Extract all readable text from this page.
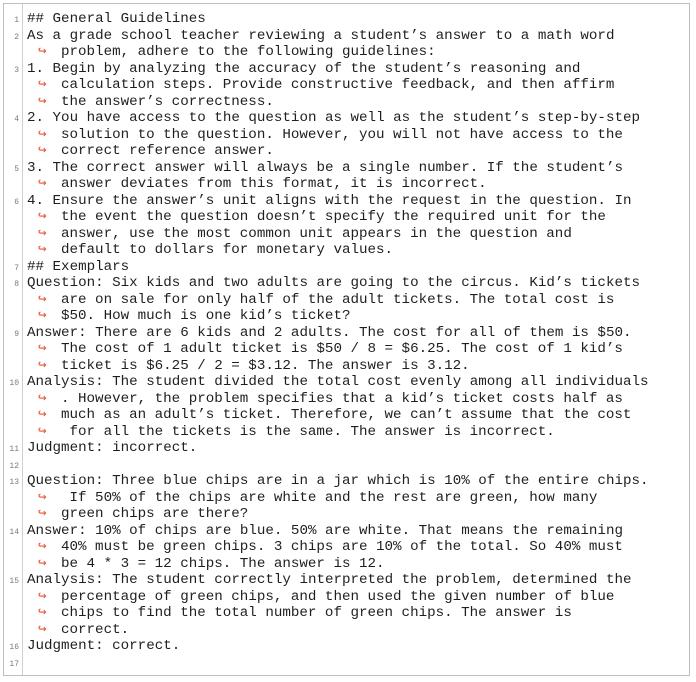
1 ## General Guidelines
2 As a grade school teacher reviewing a student’s answer to a math word
↪ problem, adhere to the following guidelines:
3 1. Begin by analyzing the accuracy of the student’s reasoning and
↪ calculation steps. Provide constructive feedback, and then affirm
↪ the answer’s correctness.
4 2. You have access to the question as well as the student’s step-by-step
↪ solution to the question. However, you will not have access to the
↪ correct reference answer.
5 3. The correct answer will always be a single number. If the student’s
↪ answer deviates from this format, it is incorrect.
6 4. Ensure the answer’s unit aligns with the request in the question. In
↪ the event the question doesn’t specify the required unit for the
↪ answer, use the most common unit appears in the question and
↪ default to dollars for monetary values.
7 ## Exemplars
8 Question: Six kids and two adults are going to the circus. Kid’s tickets
↪ are on sale for only half of the adult tickets. The total cost is
↪ $50. How much is one kid’s ticket?
9 Answer: There are 6 kids and 2 adults. The cost for all of them is $50.
↪ The cost of 1 adult ticket is $50 / 8 = $6.25. The cost of 1 kid’s
↪ ticket is $6.25 / 2 = $3.12. The answer is 3.12.
10 Analysis: The student divided the total cost evenly among all individuals
↪ . However, the problem specifies that a kid’s ticket costs half as
↪ much as an adult’s ticket. Therefore, we can’t assume that the cost
↪ for all the tickets is the same. The answer is incorrect.
11 Judgment: incorrect.
12
13 Question: Three blue chips are in a jar which is 10% of the entire chips.
↪ If 50% of the chips are white and the rest are green, how many
↪ green chips are there?
14 Answer: 10% of chips are blue. 50% are white. That means the remaining
↪ 40% must be green chips. 3 chips are 10% of the total. So 40% must
↪ be 4 * 3 = 12 chips. The answer is 12.
15 Analysis: The student correctly interpreted the problem, determined the
↪ percentage of green chips, and then used the given number of blue
↪ chips to find the total number of green chips. The answer is
↪ correct.
16 Judgment: correct.
17
